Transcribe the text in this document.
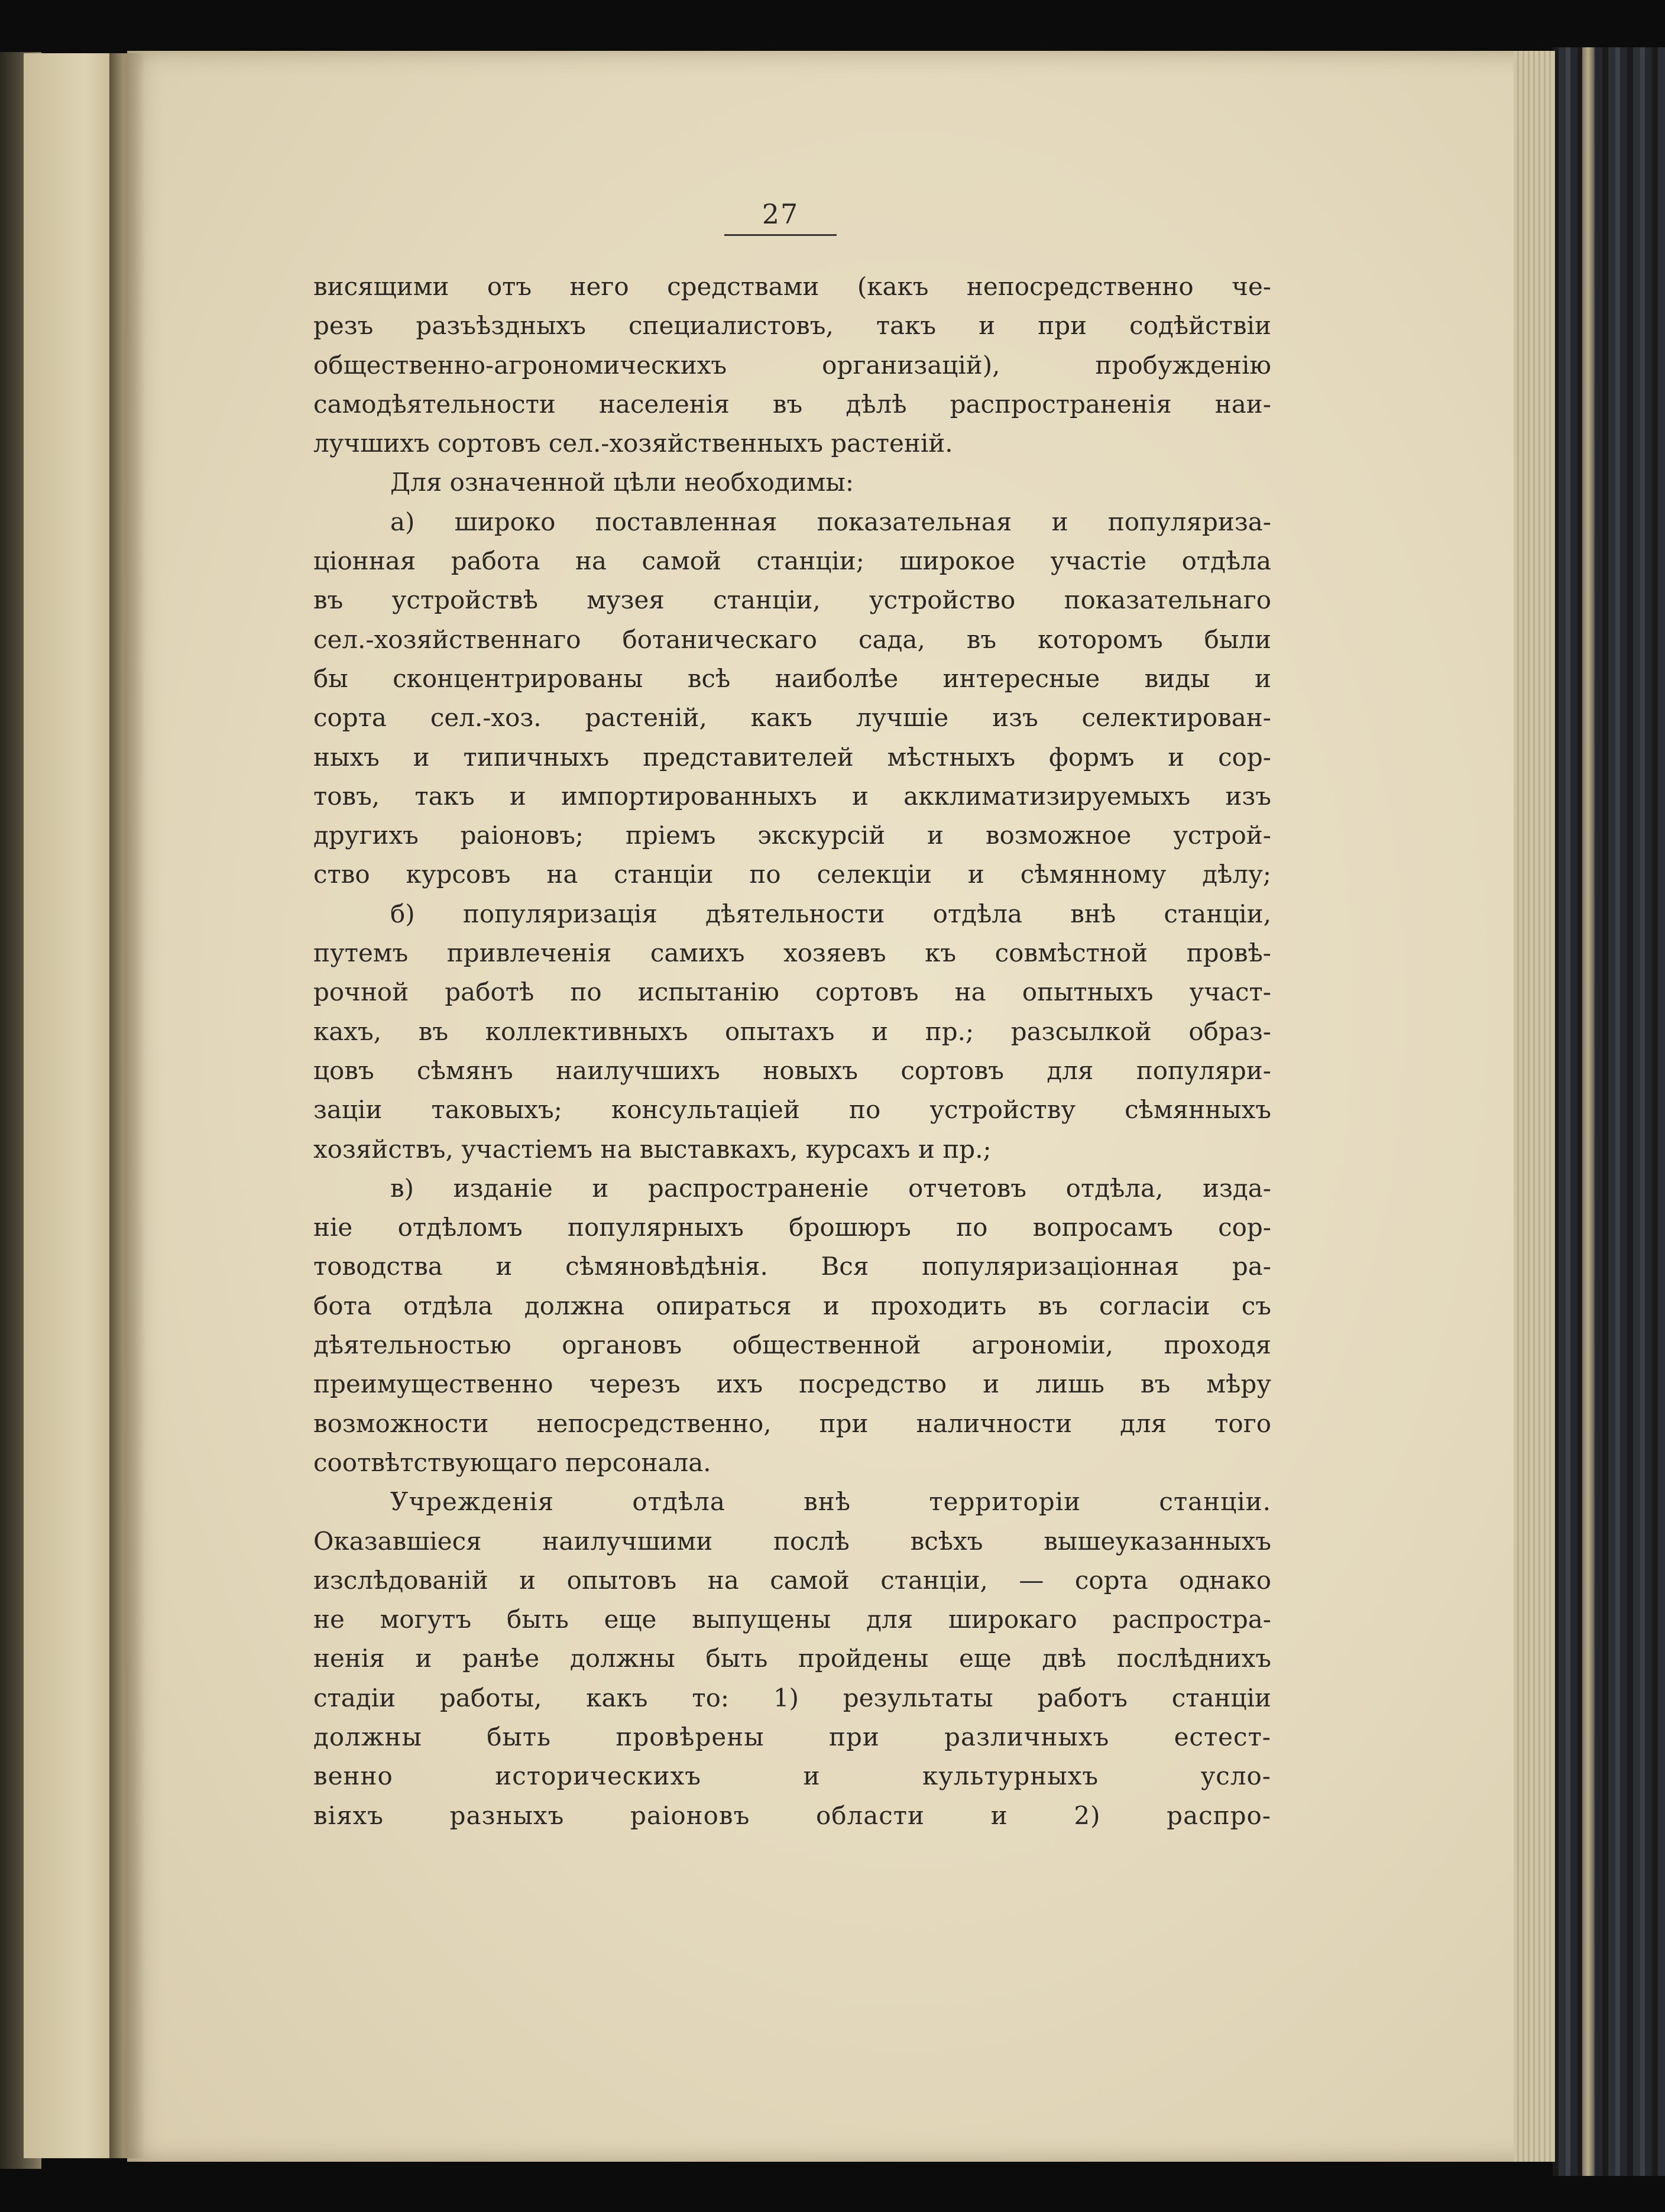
27
висящими отъ него средствами (какъ непосредственно че-
резъ разъѣздныхъ специалистовъ, такъ и при содѣйствіи
общественно-агрономическихъ организацій), пробужденію
самодѣятельности населенія въ дѣлѣ распространенія наи-
лучшихъ сортовъ сел.-хозяйственныхъ растеній.
Для означенной цѣли необходимы:
а) широко поставленная показательная и популяриза-
ціонная работа на самой станціи; широкое участіе отдѣла
въ устройствѣ музея станціи, устройство показательнаго
сел.-хозяйственнаго ботаническаго сада, въ которомъ были
бы сконцентрированы всѣ наиболѣе интересные виды и
сорта сел.-хоз. растеній, какъ лучшіе изъ селектирован-
ныхъ и типичныхъ представителей мѣстныхъ формъ и сор-
товъ, такъ и импортированныхъ и акклиматизируемыхъ изъ
другихъ раіоновъ; пріемъ экскурсій и возможное устрой-
ство курсовъ на станціи по селекціи и сѣмянному дѣлу;
б) популяризація дѣятельности отдѣла внѣ станціи,
путемъ привлеченія самихъ хозяевъ къ совмѣстной провѣ-
рочной работѣ по испытанію сортовъ на опытныхъ участ-
кахъ, въ коллективныхъ опытахъ и пр.; разсылкой образ-
цовъ сѣмянъ наилучшихъ новыхъ сортовъ для популяри-
заціи таковыхъ; консультаціей по устройству сѣмянныхъ
хозяйствъ, участіемъ на выставкахъ, курсахъ и пр.;
в) изданіе и распространеніе отчетовъ отдѣла, изда-
ніе отдѣломъ популярныхъ брошюръ по вопросамъ сор-
товодства и сѣмяновѣдѣнія. Вся популяризаціонная ра-
бота отдѣла должна опираться и проходить въ согласіи съ
дѣятельностью органовъ общественной агрономіи, проходя
преимущественно черезъ ихъ посредство и лишь въ мѣру
возможности непосредственно, при наличности для того
соотвѣтствующаго персонала.
Учрежденія отдѣла внѣ территоріи станціи.
Оказавшіеся наилучшими послѣ всѣхъ вышеуказанныхъ
изслѣдованій и опытовъ на самой станціи, — сорта однако
не могутъ быть еще выпущены для широкаго распростра-
ненія и ранѣе должны быть пройдены еще двѣ послѣднихъ
стадіи работы, какъ то: 1) результаты работъ станціи
должны быть провѣрены при различныхъ естест-
венно историческихъ и культурныхъ усло-
віяхъ разныхъ раіоновъ области и 2) распро-
